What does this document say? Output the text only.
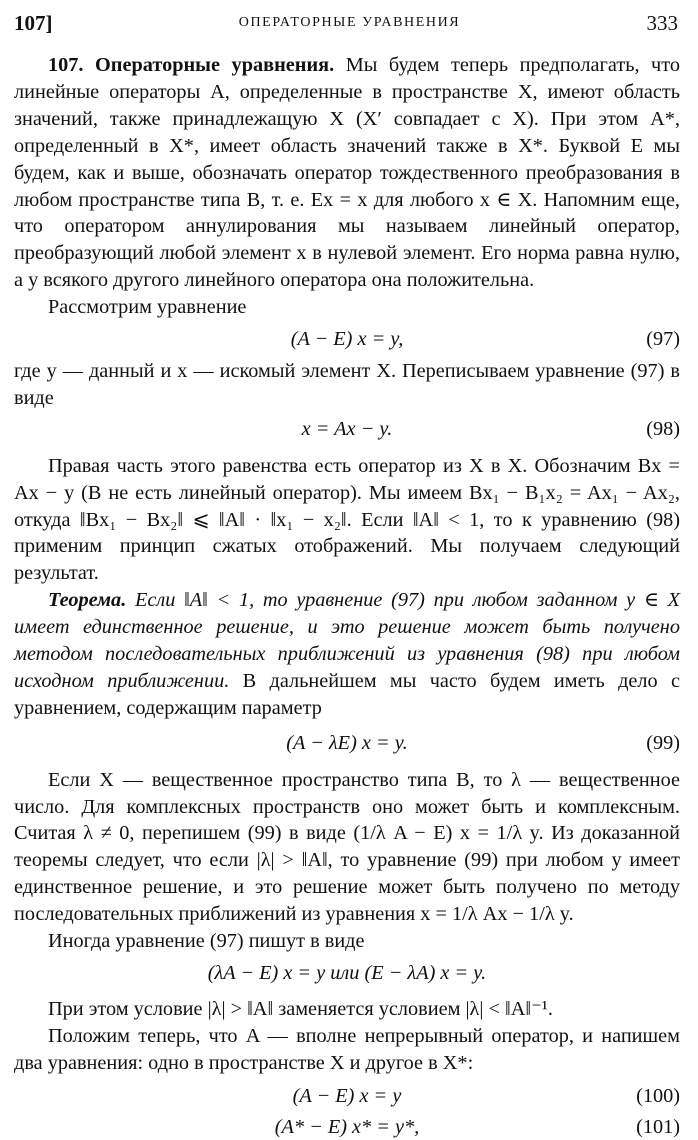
107]	ОПЕРАТОРНЫЕ УРАВНЕНИЯ	333

107. Операторные уравнения. Мы будем теперь предполагать, что линейные операторы A, определенные в пространстве X, имеют область значений, также принадлежащую X (X′ совпадает с X). При этом A*, определенный в X*, имеет область значений также в X*. Буквой E мы будем, как и выше, обозначать оператор тождественного преобразования в любом пространстве типа B, т. е. Ex = x для любого x ∈ X. Напомним еще, что оператором аннулирования мы называем линейный оператор, преобразующий любой элемент x в нулевой элемент. Его норма равна нулю, а у всякого другого линейного оператора она положительна.

Рассмотрим уравнение

(A − E) x = y,	(97)

где y — данный и x — искомый элемент X. Переписываем уравнение (97) в виде

x = Ax − y.	(98)

Правая часть этого равенства есть оператор из X в X. Обозначим Bx = Ax − y (B не есть линейный оператор). Мы имеем Bx₁ − B₁x₂ = Ax₁ − Ax₂, откуда ‖Bx₁ − Bx₂‖ ⩽ ‖A‖ · ‖x₁ − x₂‖. Если ‖A‖ < 1, то к уравнению (98) применим принцип сжатых отображений. Мы получаем следующий результат.

Теорема. Если ‖A‖ < 1, то уравнение (97) при любом заданном y ∈ X имеет единственное решение, и это решение может быть получено методом последовательных приближений из уравнения (98) при любом исходном приближении. В дальнейшем мы часто будем иметь дело с уравнением, содержащим параметр

(A − λE) x = y.	(99)

Если X — вещественное пространство типа B, то λ — вещественное число. Для комплексных пространств оно может быть и комплексным. Считая λ ≠ 0, перепишем (99) в виде (1/λ A − E) x = 1/λ y. Из доказанной теоремы следует, что если |λ| > ‖A‖, то уравнение (99) при любом y имеет единственное решение, и это решение может быть получено по методу последовательных приближений из уравнения x = 1/λ Ax − 1/λ y.

Иногда уравнение (97) пишут в виде

(λA − E) x = y или (E − λA) x = y.

При этом условие |λ| > ‖A‖ заменяется условием |λ| < ‖A‖⁻¹.

Положим теперь, что A — вполне непрерывный оператор, и напишем два уравнения: одно в пространстве X и другое в X*:

(A − E) x = y	(100)
(A* − E) x* = y*,	(101)
